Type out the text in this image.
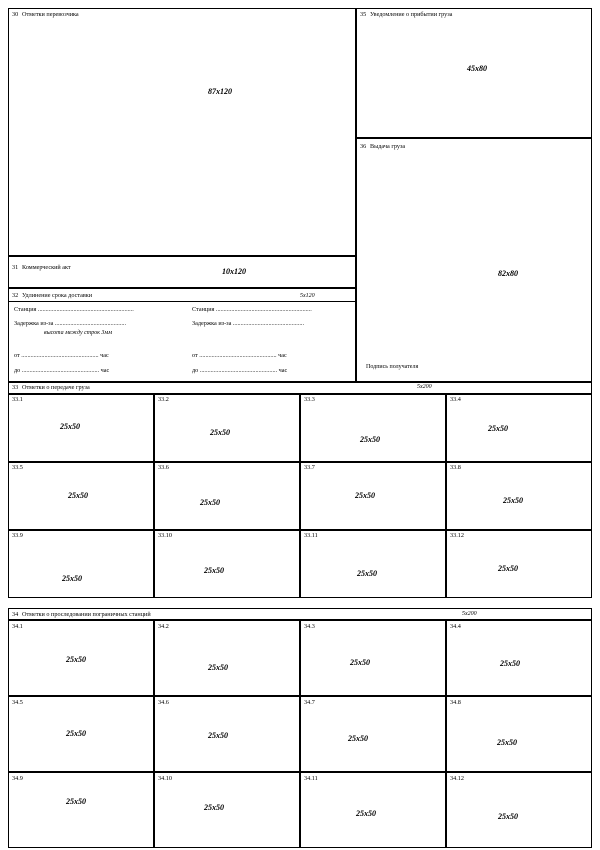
30 Отметки перевозчика
87x120
31 Коммерческий акт	10x120
32 Удлинение срока доставки	5x120
Станция ..............................................................
Задержка из-за ..............................................
высота между строк 3мм
от .................................................. час
до .................................................. час
Станция ..............................................................
Задержка из-за ..............................................
от .................................................. час
до .................................................. час
35 Уведомление о прибытии груза
45x80
36 Выдача груза
82x80
Подпись получателя
33 Отметки о передаче груза	5x200
33.1
25x50
33.2
25x50
33.3
25x50
33.4
25x50
33.5
25x50
33.6
25x50
33.7
25x50
33.8
25x50
33.9
25x50
33.10
25x50
33.11
25x50
33.12
25x50
34 Отметки о проследовании пограничных станций	5x200
34.1
25x50
34.2
25x50
34.3
25x50
34.4
25x50
34.5
25x50
34.6
25x50
34.7
25x50
34.8
25x50
34.9
25x50
34.10
25x50
34.11
25x50
34.12
25x50
